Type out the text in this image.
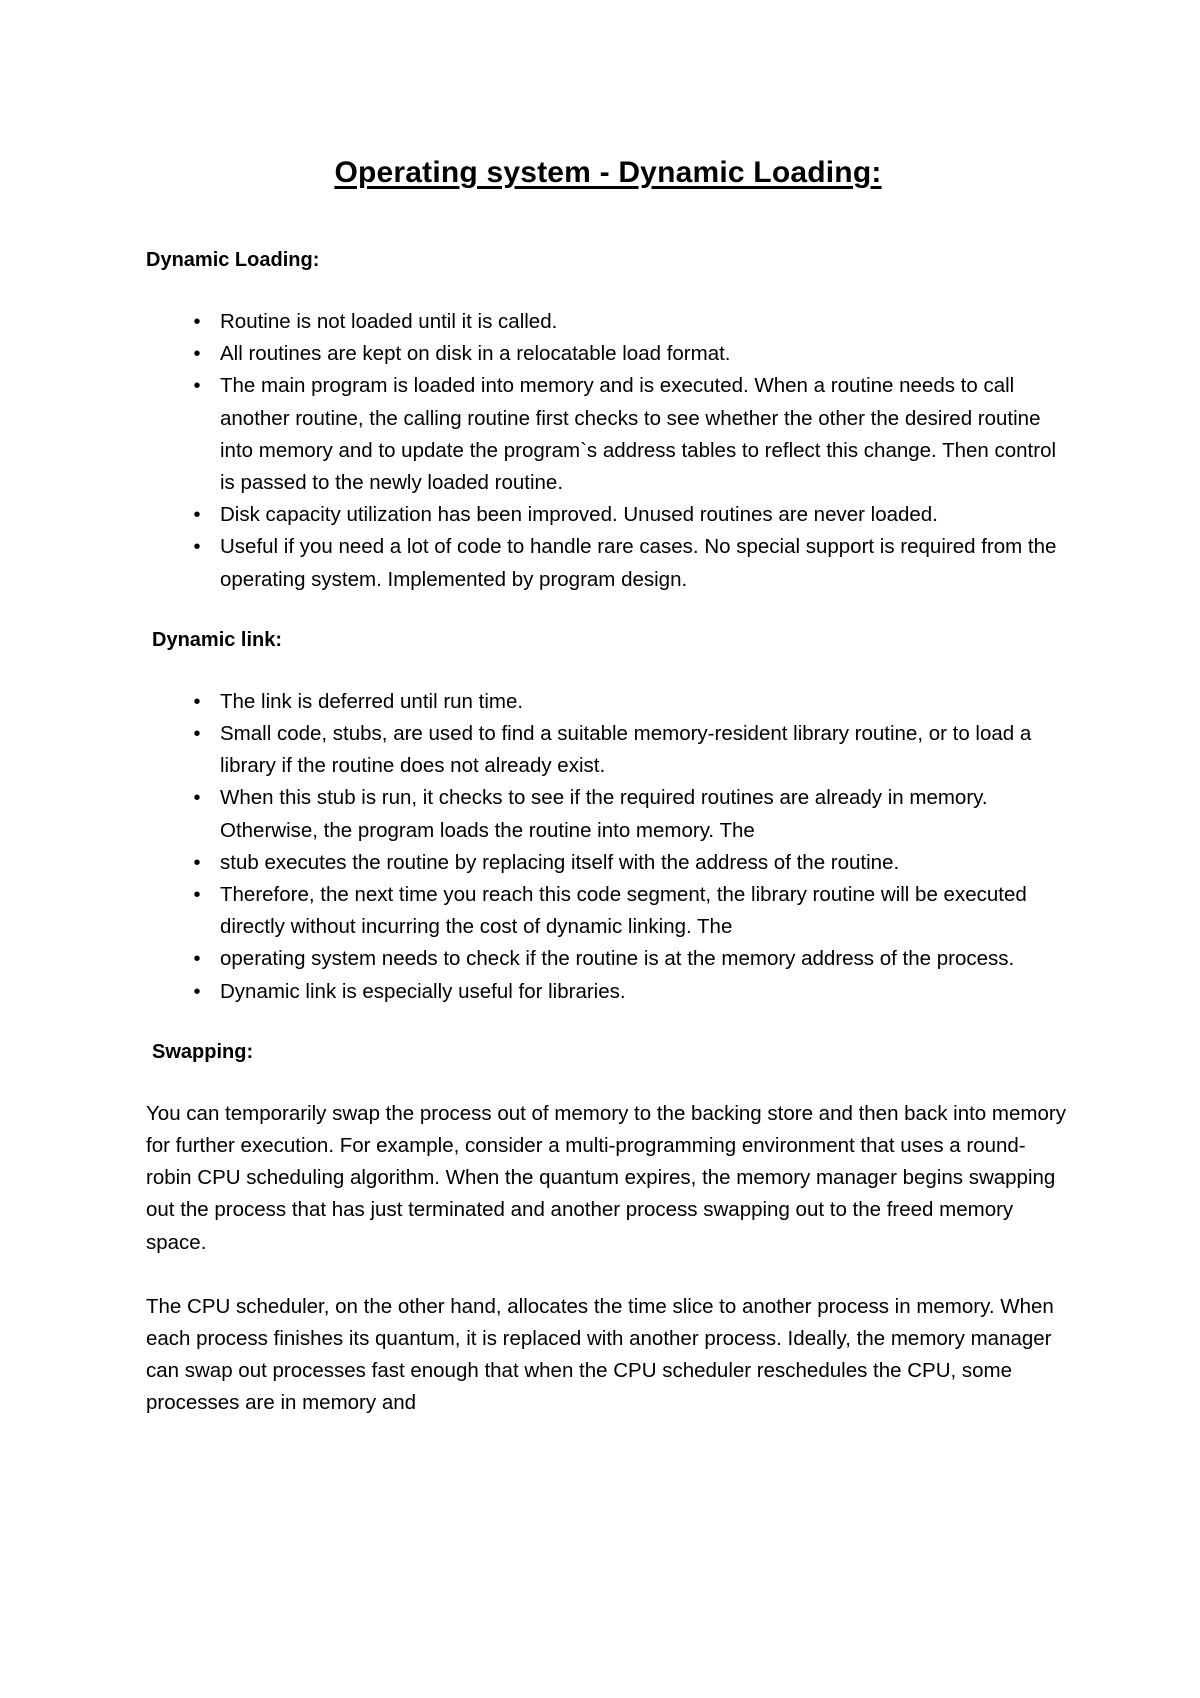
Operating system - Dynamic Loading:
Dynamic Loading:
• Routine is not loaded until it is called.
• All routines are kept on disk in a relocatable load format.
• The main program is loaded into memory and is executed. When a routine needs to call another routine, the calling routine first checks to see whether the other the desired routine into memory and to update the program`s address tables to reflect this change. Then control is passed to the newly loaded routine.
• Disk capacity utilization has been improved. Unused routines are never loaded.
• Useful if you need a lot of code to handle rare cases. No special support is required from the operating system. Implemented by program design.
Dynamic link:
• The link is deferred until run time.
• Small code, stubs, are used to find a suitable memory-resident library routine, or to load a library if the routine does not already exist.
• When this stub is run, it checks to see if the required routines are already in memory. Otherwise, the program loads the routine into memory. The
• stub executes the routine by replacing itself with the address of the routine.
• Therefore, the next time you reach this code segment, the library routine will be executed directly without incurring the cost of dynamic linking. The
• operating system needs to check if the routine is at the memory address of the process.
• Dynamic link is especially useful for libraries.
Swapping:

You can temporarily swap the process out of memory to the backing store and then back into memory for further execution. For example, consider a multi-programming environment that uses a round-robin CPU scheduling algorithm. When the quantum expires, the memory manager begins swapping out the process that has just terminated and another process swapping out to the freed memory space.

The CPU scheduler, on the other hand, allocates the time slice to another process in memory. When each process finishes its quantum, it is replaced with another process. Ideally, the memory manager can swap out processes fast enough that when the CPU scheduler reschedules the CPU, some processes are in memory and
